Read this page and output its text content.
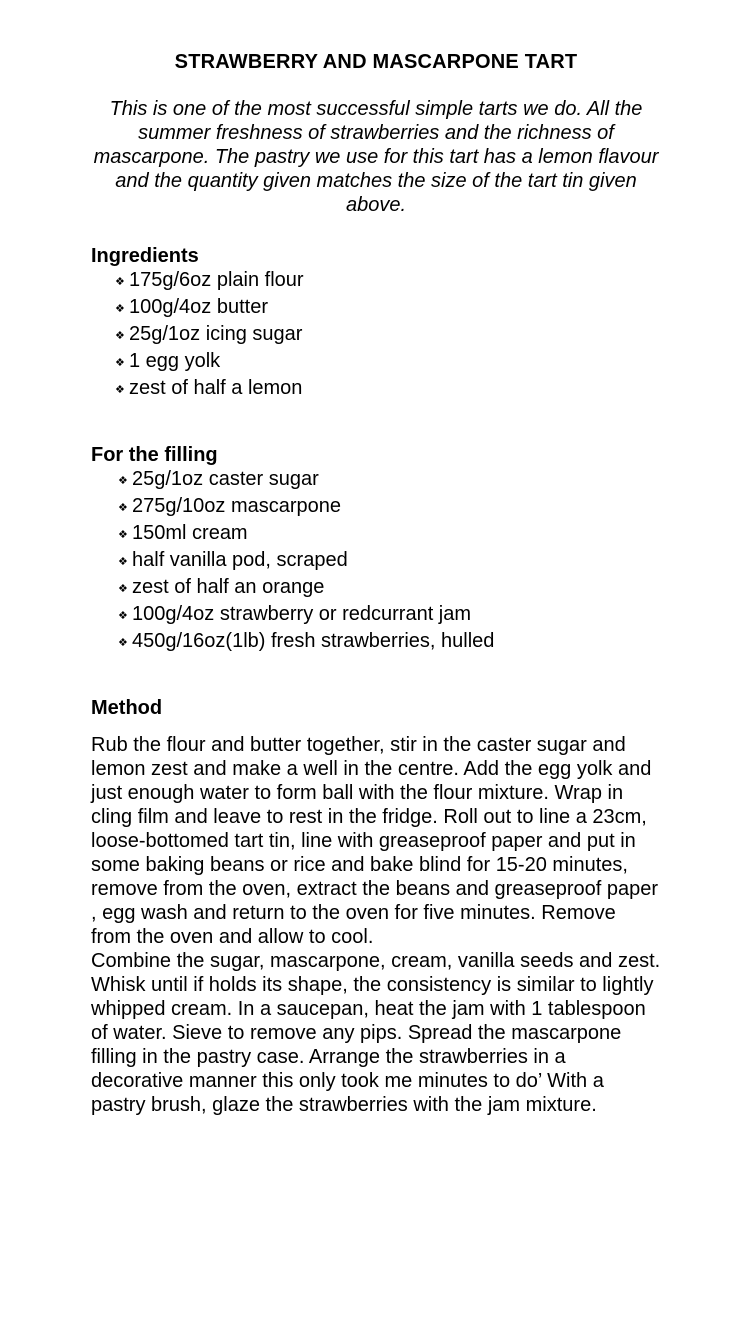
STRAWBERRY AND MASCARPONE TART

This is one of the most successful simple tarts we do. All the summer freshness of strawberries and the richness of mascarpone. The pastry we use for this tart has a lemon flavour and the quantity given matches the size of the tart tin given above.

Ingredients
❖ 175g/6oz plain flour
❖ 100g/4oz butter
❖ 25g/1oz icing sugar
❖ 1 egg yolk
❖ zest of half a lemon
For the filling
❖ 25g/1oz caster sugar
❖ 275g/10oz mascarpone
❖ 150ml cream
❖ half vanilla pod, scraped
❖ zest of half an orange
❖ 100g/4oz strawberry or redcurrant jam
❖ 450g/16oz(1lb) fresh strawberries, hulled
Method

Rub the flour and butter together, stir in the caster sugar and lemon zest and make a well in the centre. Add the egg yolk and just enough water to form ball with the flour mixture. Wrap in cling film and leave to rest in the fridge. Roll out to line a 23cm, loose-bottomed tart tin, line with greaseproof paper and put in some baking beans or rice and bake blind for 15-20 minutes, remove from the oven, extract the beans and greaseproof paper , egg wash and return to the oven for five minutes. Remove from the oven and allow to cool.

Combine the sugar, mascarpone, cream, vanilla seeds and zest. Whisk until if holds its shape, the consistency is similar to lightly whipped cream. In a saucepan, heat the jam with 1 tablespoon of water. Sieve to remove any pips. Spread the mascarpone filling in the pastry case. Arrange the strawberries in a decorative manner this only took me minutes to do’ With a pastry brush, glaze the strawberries with the jam mixture.
